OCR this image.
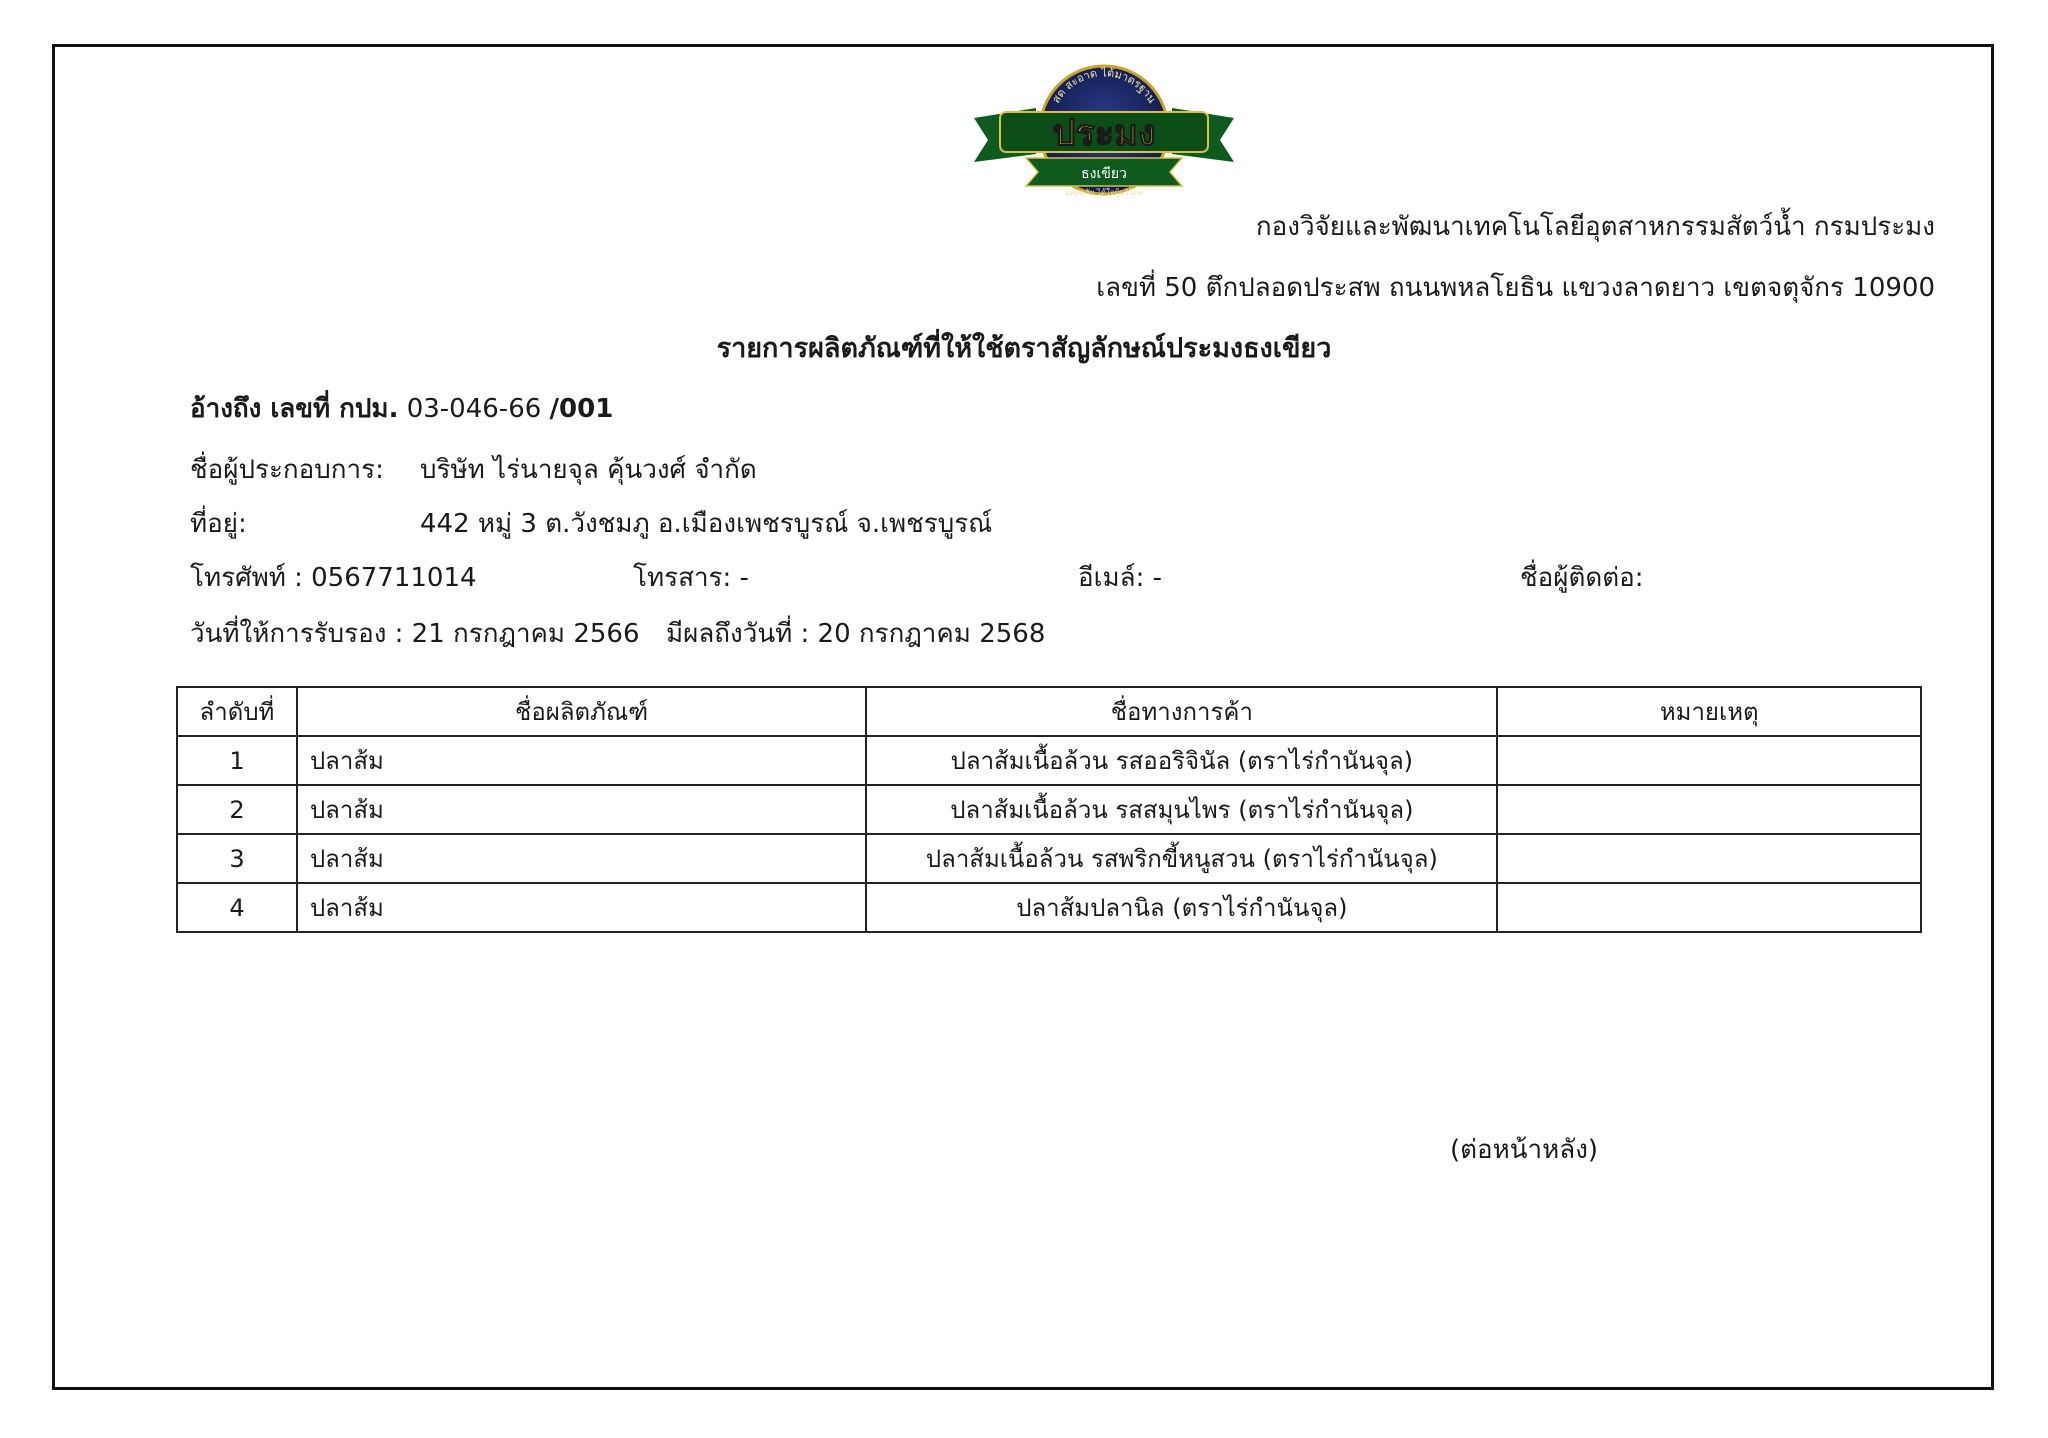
สด สะอาด ได้มาตรฐาน
ประมง
ธงเขียว
ปลอดภัย ได้ใจผู้บริโภค
กองวิจัยและพัฒนาเทคโนโลยีอุตสาหกรรมสัตว์น้ำ กรมประมง
เลขที่ 50 ตึกปลอดประสพ ถนนพหลโยธิน แขวงลาดยาว เขตจตุจักร 10900
รายการผลิตภัณฑ์ที่ให้ใช้ตราสัญลักษณ์ประมงธงเขียว
อ้างถึง เลขที่ กปม. 03-046-66 /001
ชื่อผู้ประกอบการ: บริษัท ไร่นายจุล คุ้นวงศ์ จำกัด
ที่อยู่:	442 หมู่ 3 ต.วังชมภู อ.เมืองเพชรบูรณ์ จ.เพชรบูรณ์
โทรศัพท์ : 0567711014	โทรสาร: -	อีเมล์: -	ชื่อผู้ติดต่อ:
วันที่ให้การรับรอง : 21 กรกฎาคม 2566 มีผลถึงวันที่ : 20 กรกฎาคม 2568
ลำดับที่	ชื่อผลิตภัณฑ์	ชื่อทางการค้า	หมายเหตุ
1	ปลาส้ม	ปลาส้มเนื้อล้วน รสออริจินัล (ตราไร่กำนันจุล)	
2	ปลาส้ม	ปลาส้มเนื้อล้วน รสสมุนไพร (ตราไร่กำนันจุล)	
3	ปลาส้ม	ปลาส้มเนื้อล้วน รสพริกขี้หนูสวน (ตราไร่กำนันจุล)	
4	ปลาส้ม	ปลาส้มปลานิล (ตราไร่กำนันจุล)	
(ต่อหน้าหลัง)
